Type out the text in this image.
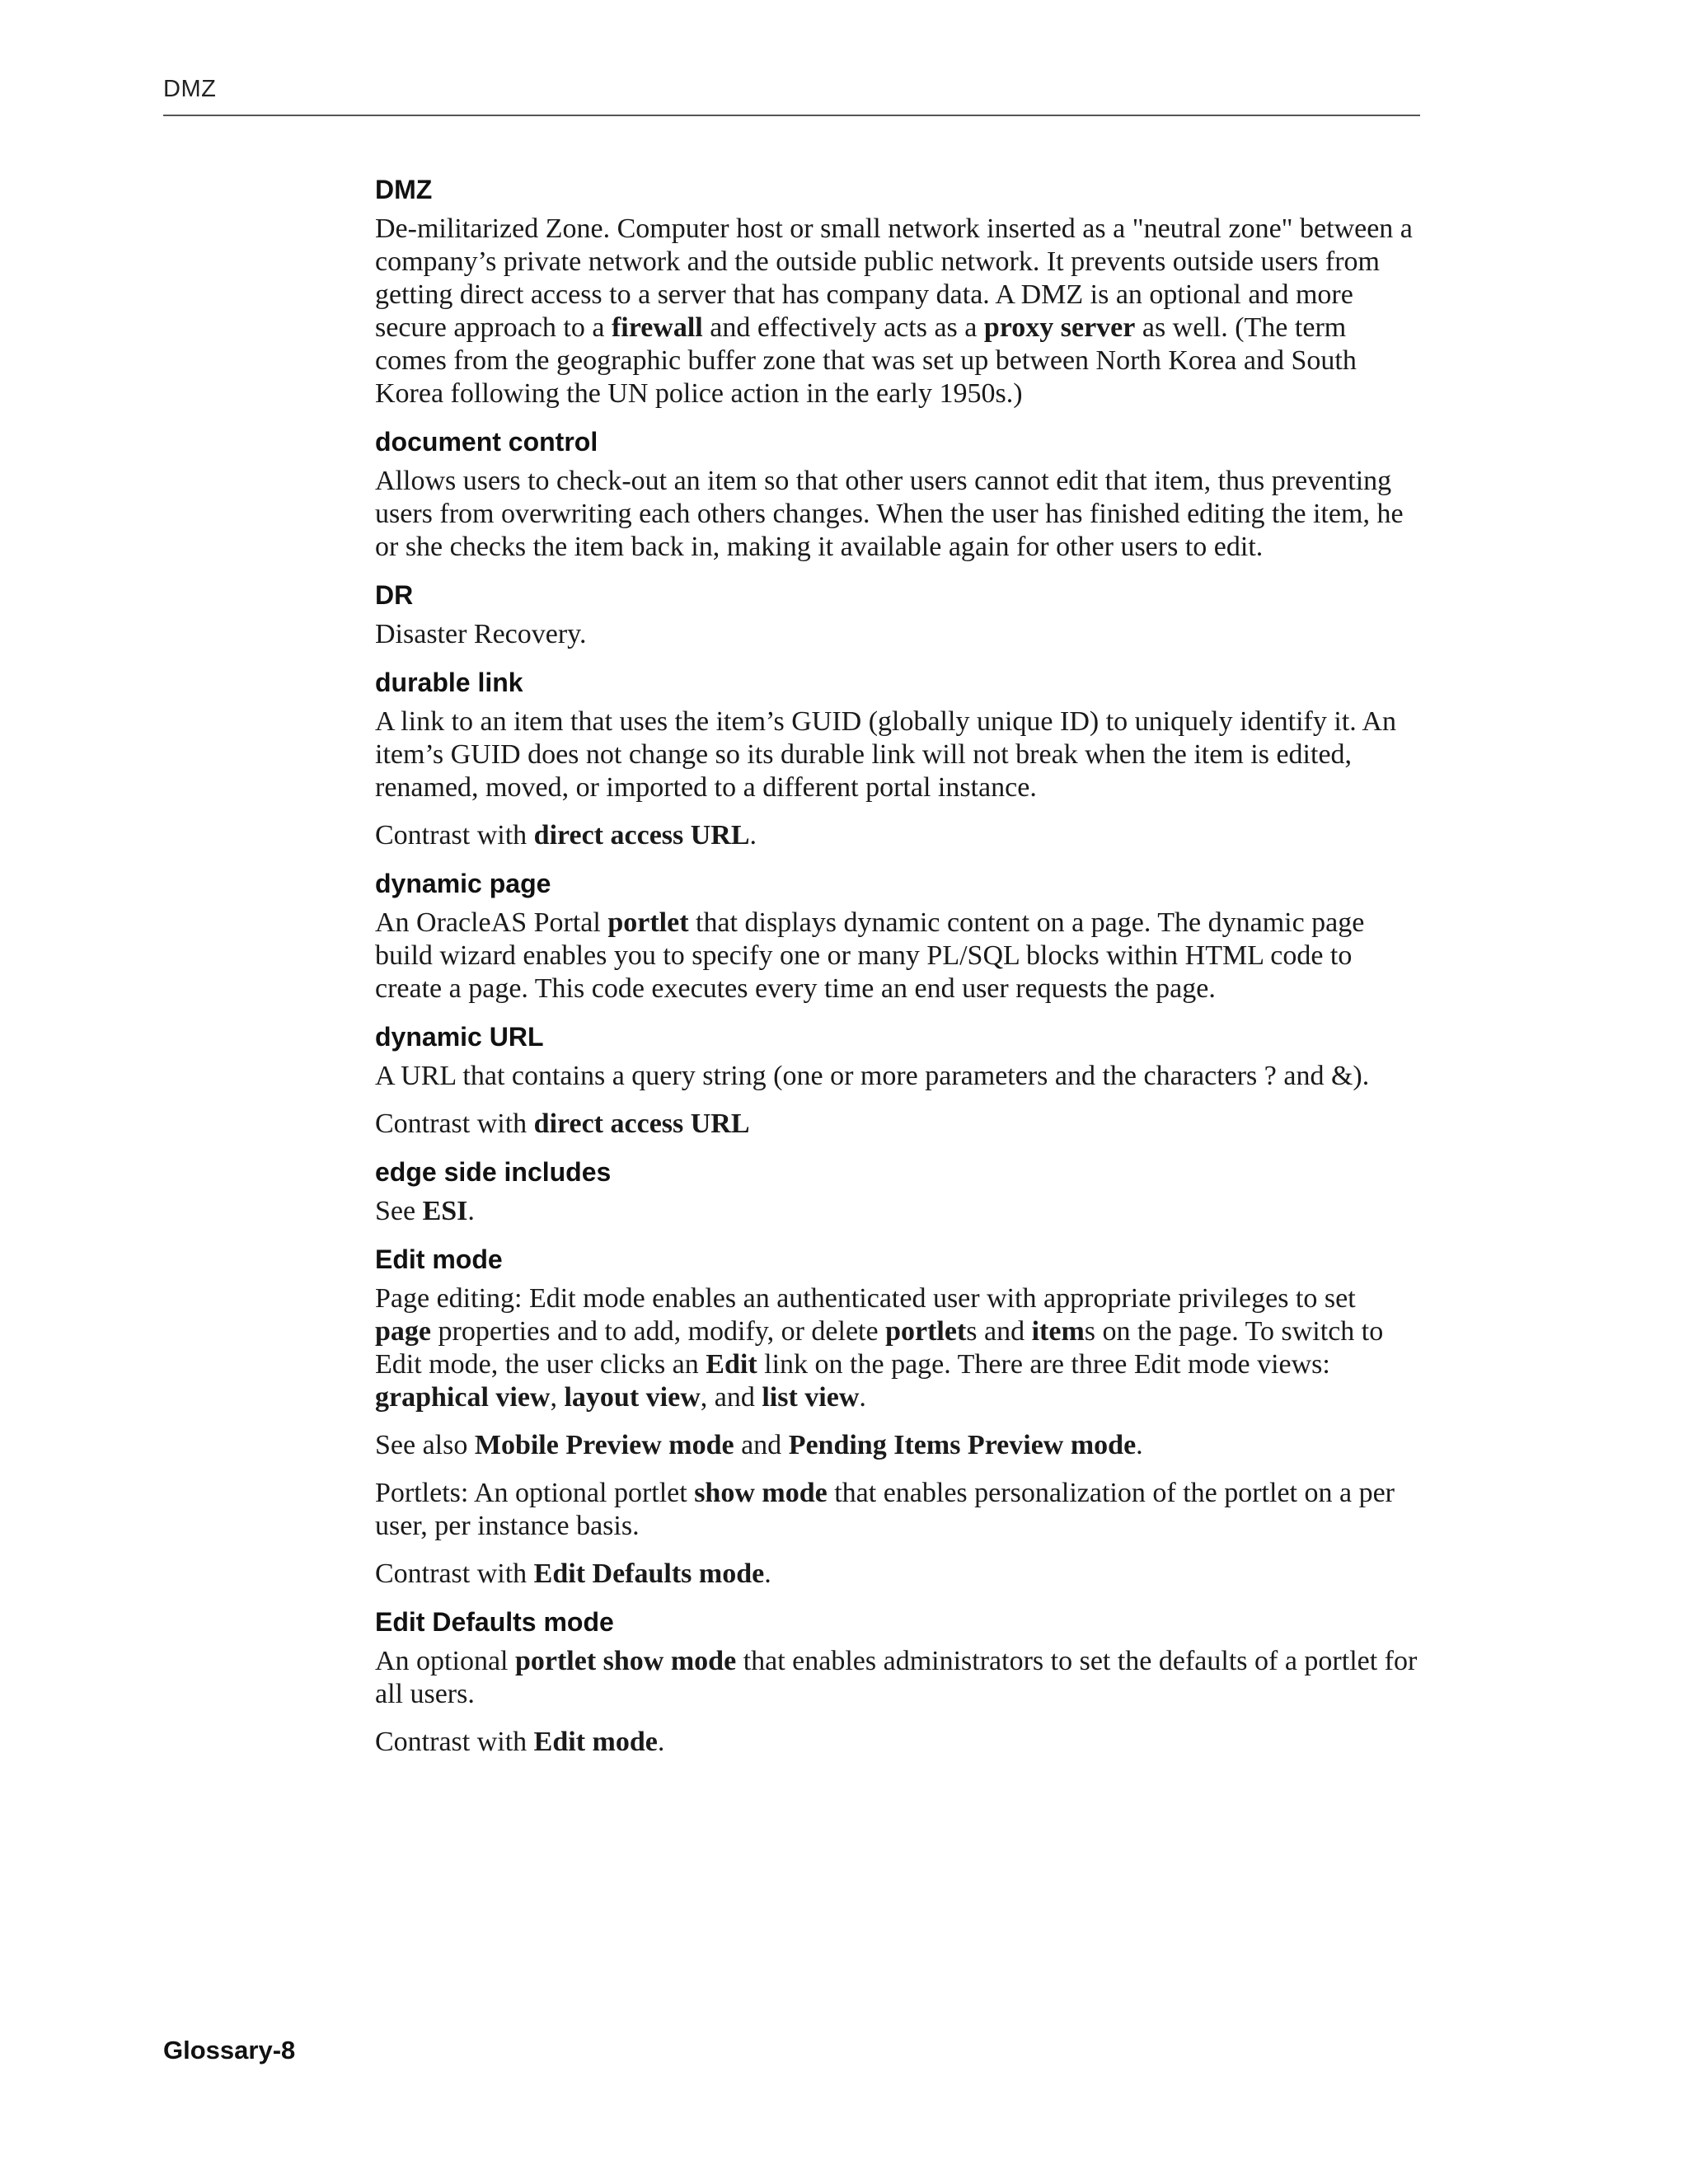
DMZ
DMZ

De-militarized Zone. Computer host or small network inserted as a "neutral zone" between a company’s private network and the outside public network. It prevents outside users from getting direct access to a server that has company data. A DMZ is an optional and more secure approach to a firewall and effectively acts as a proxy server as well. (The term comes from the geographic buffer zone that was set up between North Korea and South Korea following the UN police action in the early 1950s.)

document control

Allows users to check-out an item so that other users cannot edit that item, thus preventing users from overwriting each others changes. When the user has finished editing the item, he or she checks the item back in, making it available again for other users to edit.

DR

Disaster Recovery.

durable link

A link to an item that uses the item’s GUID (globally unique ID) to uniquely identify it. An item’s GUID does not change so its durable link will not break when the item is edited, renamed, moved, or imported to a different portal instance.

Contrast with direct access URL.

dynamic page

An OracleAS Portal portlet that displays dynamic content on a page. The dynamic page build wizard enables you to specify one or many PL/SQL blocks within HTML code to create a page. This code executes every time an end user requests the page.

dynamic URL

A URL that contains a query string (one or more parameters and the characters ? and &).

Contrast with direct access URL

edge side includes

See ESI.

Edit mode

Page editing: Edit mode enables an authenticated user with appropriate privileges to set page properties and to add, modify, or delete portlets and items on the page. To switch to Edit mode, the user clicks an Edit link on the page. There are three Edit mode views: graphical view, layout view, and list view.

See also Mobile Preview mode and Pending Items Preview mode.

Portlets: An optional portlet show mode that enables personalization of the portlet on a per user, per instance basis.

Contrast with Edit Defaults mode.

Edit Defaults mode

An optional portlet show mode that enables administrators to set the defaults of a portlet for all users.

Contrast with Edit mode.

Glossary-8
